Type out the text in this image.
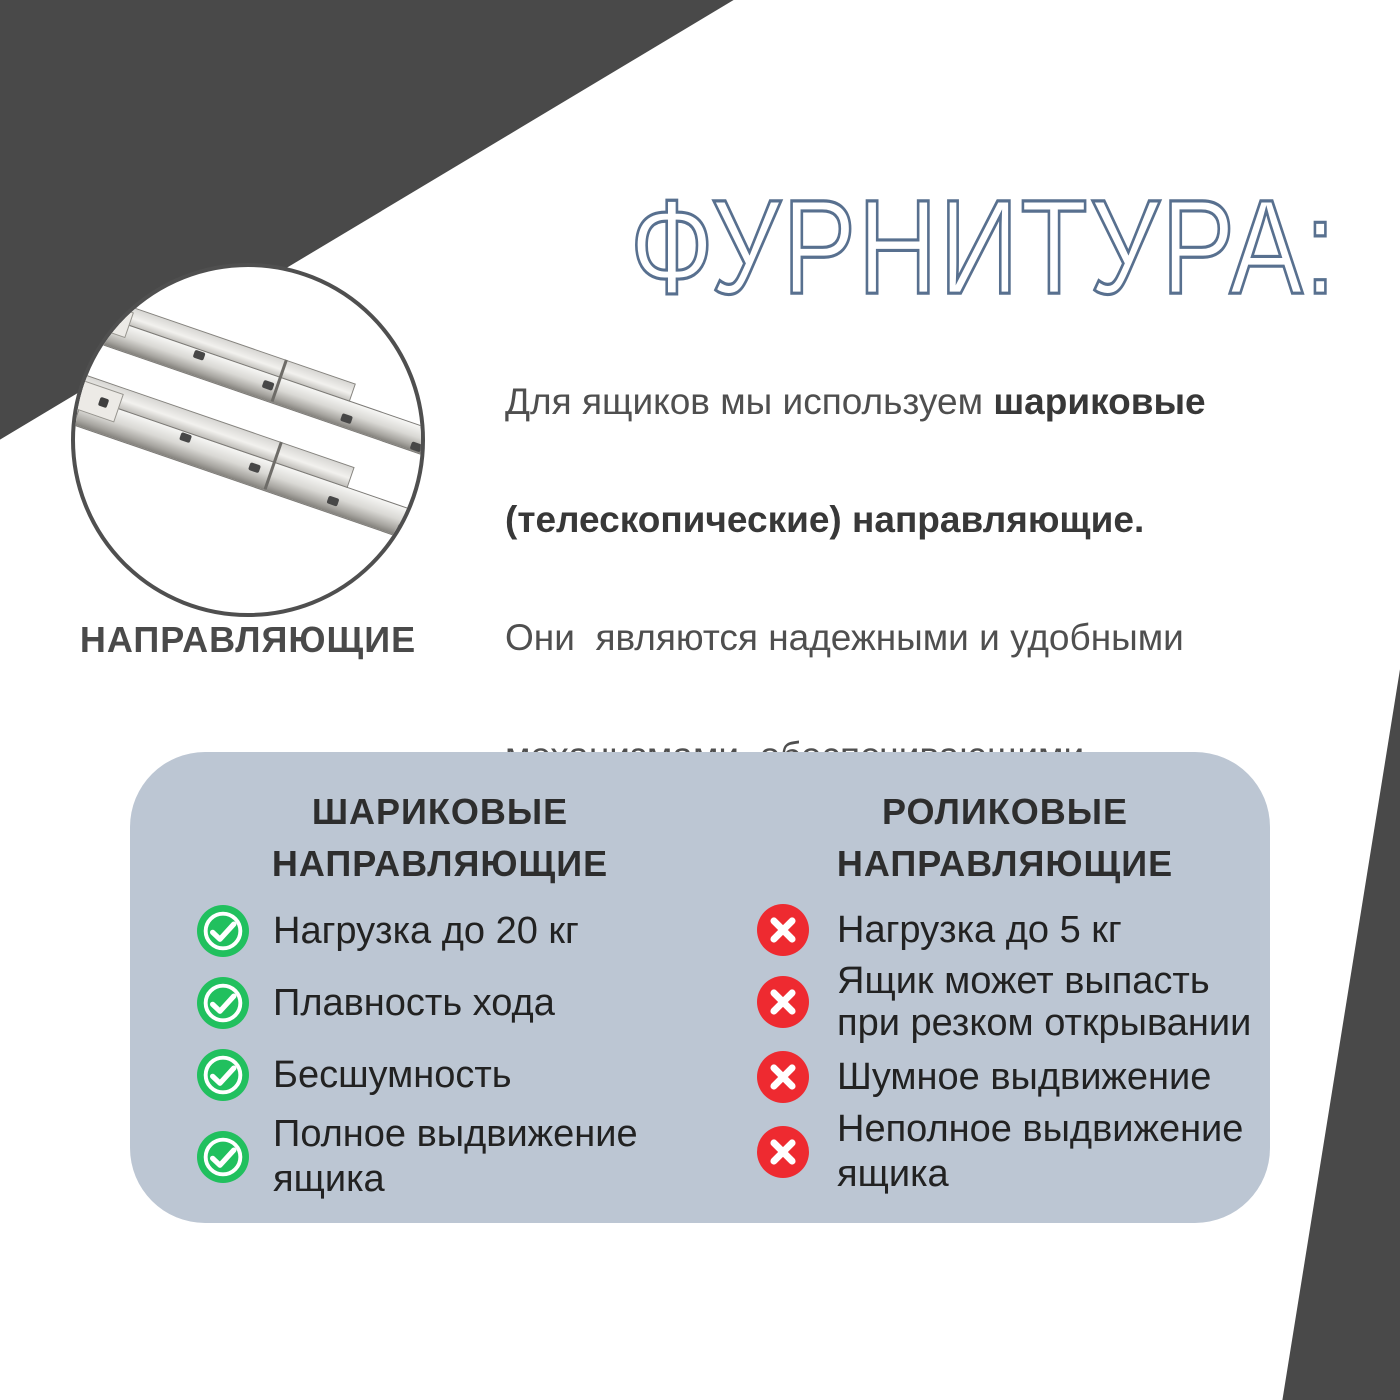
ФУРНИТУРА:
НАПРАВЛЯЮЩИЕ
Для ящиков мы используем шариковые

(телескопические) направляющие.

Они  являются надежными и удобными

ШАРИКОВЫЕ
НАПРАВЛЯЮЩИЕ
РОЛИКОВЫЕ
НАПРАВЛЯЮЩИЕ
Нагрузка до 20 кг
Плавность хода
Бесшумность
Полное выдвижение
ящика
Нагрузка до 5 кг
Ящик может выпасть
при резком открывании
Шумное выдвижение
Неполное выдвижение
ящика
